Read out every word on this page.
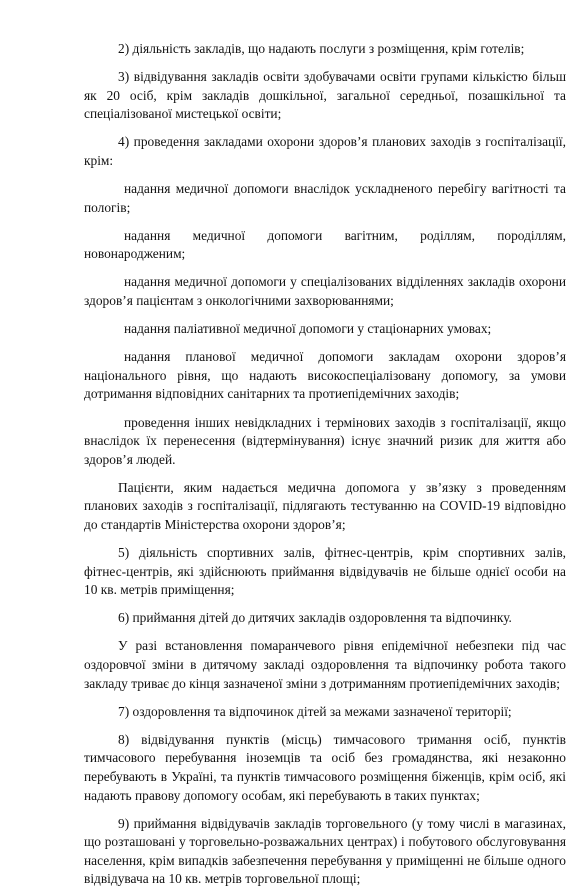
2) діяльність закладів, що надають послуги з розміщення, крім готелів;

3) відвідування закладів освіти здобувачами освіти групами кількістю більш як 20 осіб, крім закладів дошкільної, загальної середньої, позашкільної та спеціалізованої мистецької освіти;

4) проведення закладами охорони здоров’я планових заходів з госпіталізації, крім:

надання медичної допомоги внаслідок ускладненого перебігу вагітності та пологів;

надання медичної допомоги вагітним, роділлям, породіллям, новонародженим;

надання медичної допомоги у спеціалізованих відділеннях закладів охорони здоров’я пацієнтам з онкологічними захворюваннями;

надання паліативної медичної допомоги у стаціонарних умовах;

надання планової медичної допомоги закладам охорони здоров’я національного рівня, що надають високоспеціалізовану допомогу, за умови дотримання відповідних санітарних та протиепідемічних заходів;

проведення інших невідкладних і термінових заходів з госпіталізації, якщо внаслідок їх перенесення (відтермінування) існує значний ризик для життя або здоров’я людей.

Пацієнти, яким надається медична допомога у зв’язку з проведенням планових заходів з госпіталізації, підлягають тестуванню на COVID-19 відповідно до стандартів Міністерства охорони здоров’я;

5) діяльність спортивних залів, фітнес-центрів, крім спортивних залів, фітнес-центрів, які здійснюють приймання відвідувачів не більше однієї особи на 10 кв. метрів приміщення;

6) приймання дітей до дитячих закладів оздоровлення та відпочинку.

У разі встановлення помаранчевого рівня епідемічної небезпеки під час оздоровчої зміни в дитячому закладі оздоровлення та відпочинку робота такого закладу триває до кінця зазначеної зміни з дотриманням протиепідемічних заходів;

7) оздоровлення та відпочинок дітей за межами зазначеної території;

8) відвідування пунктів (місць) тимчасового тримання осіб, пунктів тимчасового перебування іноземців та осіб без громадянства, які незаконно перебувають в Україні, та пунктів тимчасового розміщення біженців, крім осіб, які надають правову допомогу особам, які перебувають в таких пунктах;

9) приймання відвідувачів закладів торговельного (у тому числі в магазинах, що розташовані у торговельно-розважальних центрах) і побутового обслуговування населення, крім випадків забезпечення перебування у приміщенні не більше одного відвідувача на 10 кв. метрів торговельної площі;
